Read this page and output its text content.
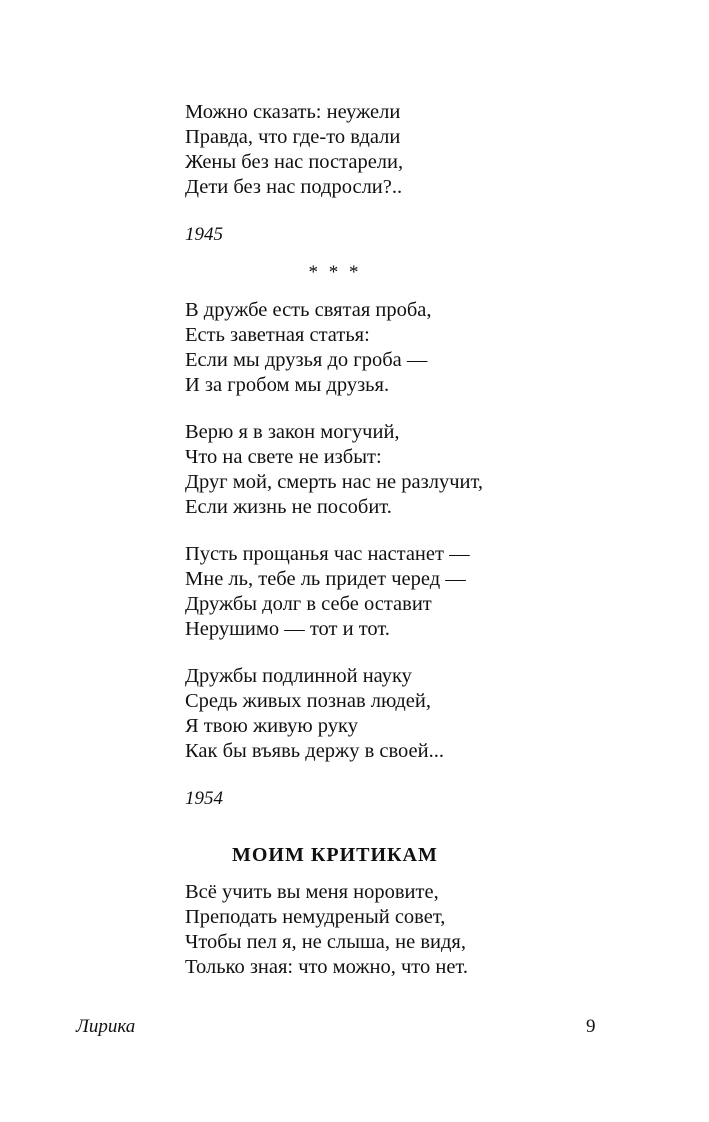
Можно сказать: неужели
Правда, что где-то вдали
Жены без нас постарели,
Дети без нас подросли?..
1945
* * *
В дружбе есть святая проба,
Есть заветная статья:
Если мы друзья до гроба —
И за гробом мы друзья.
Верю я в закон могучий,
Что на свете не избыт:
Друг мой, смерть нас не разлучит,
Если жизнь не пособит.
Пусть прощанья час настанет —
Мне ль, тебе ль придет черед —
Дружбы долг в себе оставит
Нерушимо — тот и тот.
Дружбы подлинной науку
Средь живых познав людей,
Я твою живую руку
Как бы въявь держу в своей...
1954
МОИМ КРИТИКАМ
Всё учить вы меня норовите,
Преподать немудреный совет,
Чтобы пел я, не слыша, не видя,
Только зная: что можно, что нет.
Лирика	9
